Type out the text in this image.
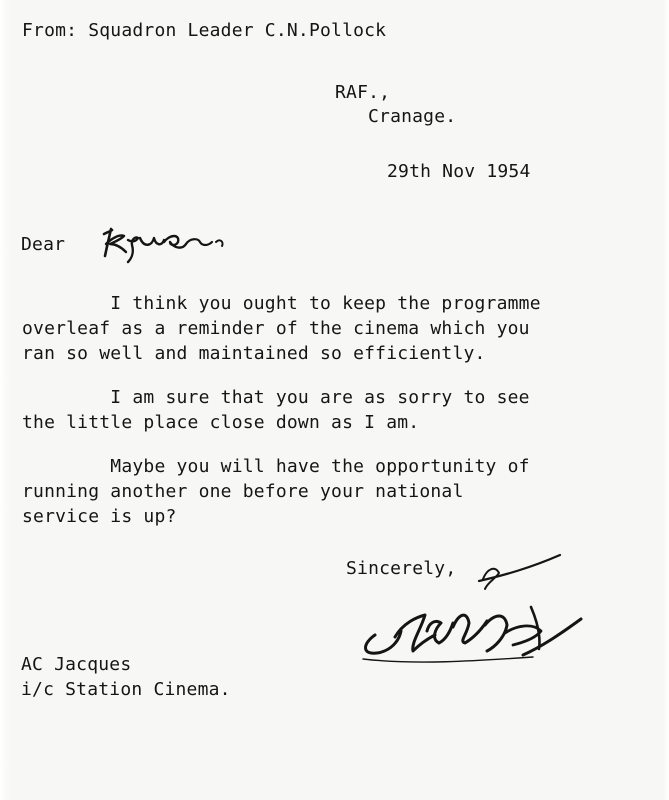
From: Squadron Leader C.N.Pollock
RAF.,
Cranage.
29th Nov 1954
Dear
I think you ought to keep the programme
overleaf as a reminder of the cinema which you
ran so well and maintained so efficiently.
I am sure that you are as sorry to see
the little place close down as I am.
Maybe you will have the opportunity of
running another one before your national
service is up?
Sincerely,
AC Jacques
i/c Station Cinema.
